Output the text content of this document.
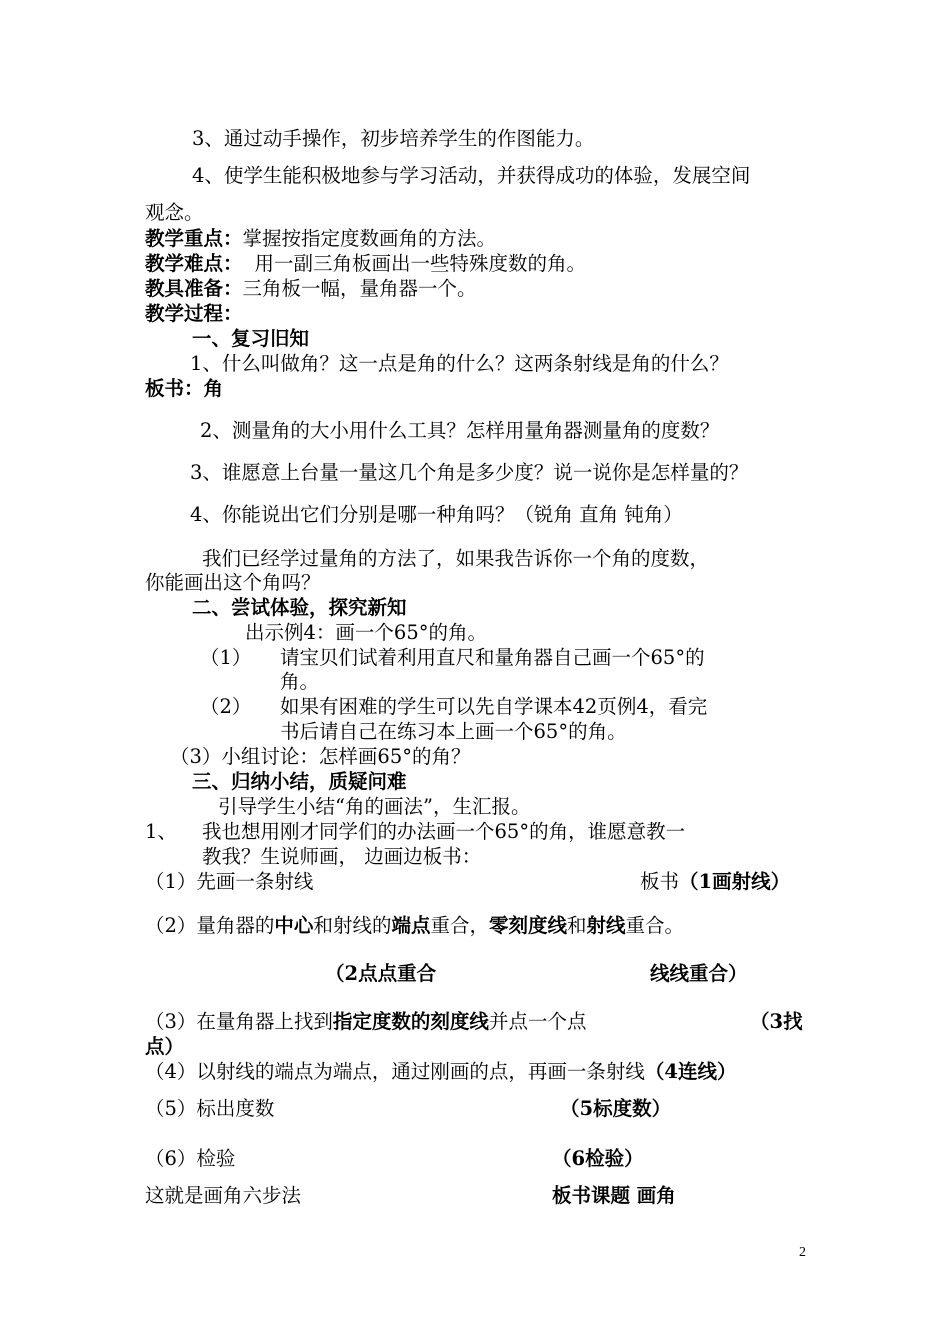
3、通过动手操作，初步培养学生的作图能力。
4、使学生能积极地参与学习活动，并获得成功的体验，发展空间
观念。
教学重点：掌握按指定度数画角的方法。
教学难点： 用一副三角板画出一些特殊度数的角。
教具准备：三角板一幅，量角器一个。
教学过程：
一、复习旧知
1、什么叫做角？这一点是角的什么？这两条射线是角的什么？
板书：角
2、测量角的大小用什么工具？怎样用量角器测量角的度数？
3、谁愿意上台量一量这几个角是多少度？说一说你是怎样量的？
4、你能说出它们分别是哪一种角吗？（锐角 直角 钝角）
我们已经学过量角的方法了，如果我告诉你一个角的度数，
你能画出这个角吗？
二、尝试体验，探究新知
出示例4：画一个65°的角。
（1） 请宝贝们试着利用直尺和量角器自己画一个65°的
角。
（2） 如果有困难的学生可以先自学课本42页例4，看完
书后请自己在练习本上画一个65°的角。
（3）小组讨论：怎样画65°的角？
三、归纳小结，质疑问难
引导学生小结“角的画法”，生汇报。
1、 我也想用刚才同学们的办法画一个65°的角，谁愿意教一
教我？生说师画， 边画边板书：
（1）先画一条射线	板书（1画射线）
（2）量角器的中心和射线的端点重合，零刻度线和射线重合。
（2点点重合	线线重合）
（3）在量角器上找到指定度数的刻度线并点一个点	（3找
点）
（4）以射线的端点为端点，通过刚画的点，再画一条射线（4连线）
（5）标出度数	（5标度数）
（6）检验	（6检验）
这就是画角六步法	板书课题 画角
2
